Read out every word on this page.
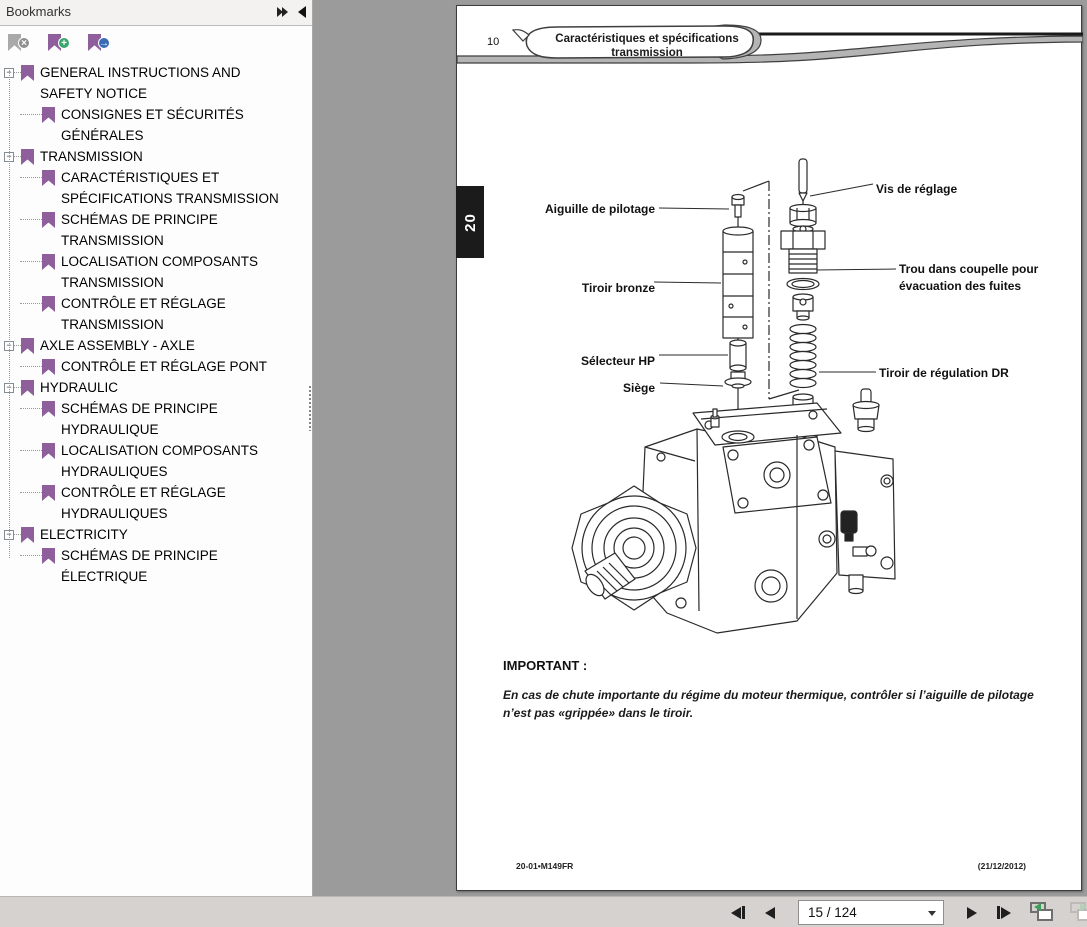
Bookmarks
×	+	→
− GENERAL INSTRUCTIONS AND SAFETY NOTICE
CONSIGNES ET SÉCURITÉS GÉNÉRALES
− TRANSMISSION
CARACTÉRISTIQUES ET SPÉCIFICATIONS TRANSMISSION
SCHÉMAS DE PRINCIPE TRANSMISSION
LOCALISATION COMPOSANTS TRANSMISSION
CONTRÔLE ET RÉGLAGE TRANSMISSION
− AXLE ASSEMBLY - AXLE
CONTRÔLE ET RÉGLAGE PONT
− HYDRAULIC
SCHÉMAS DE PRINCIPE HYDRAULIQUE
LOCALISATION COMPOSANTS HYDRAULIQUES
CONTRÔLE ET RÉGLAGE HYDRAULIQUES
− ELECTRICITY
SCHÉMAS DE PRINCIPE ÉLECTRIQUE
10	Caractéristiques et spécifications
transmission
20
Aiguille de pilotage
Tiroir bronze
Sélecteur HP
Siège
Vis de réglage
Trou dans coupelle pour évacuation des fuites
Tiroir de régulation DR
IMPORTANT :
En cas de chute importante du régime du moteur thermique, contrôler si l’aiguille de pilotage n’est pas «grippée» dans le tiroir.
20-01•M149FR	(21/12/2012)
15 / 124
